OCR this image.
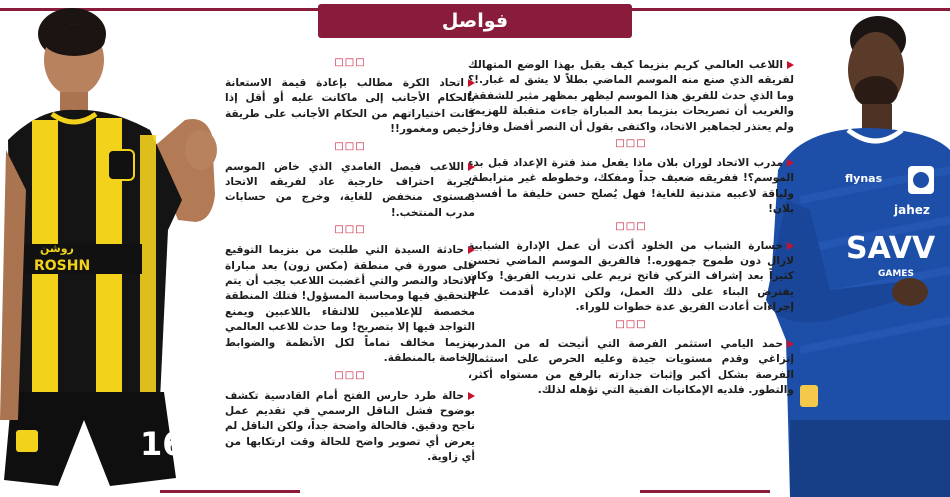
فواصل
روشن
ROSHN
16
flynas
jahez
SAVV
GAMES

اللاعب العالمي كريم بنزيما كيف يقبل بهذا الوضع المتهالك لفريقه الذي صنع منه الموسم الماضي بطلاً لا يشق له غبار.!؟ وما الذي حدث للفريق هذا الموسم ليظهر بمظهر مثير للشفقة! والغريب أن تصريحات بنزيما بعد المباراة جاءت متقبلة للهزيمة ولم يعتذر لجماهير الاتحاد، واكتفى بقول أن النصر أفضل وفاز!

□□□

مدرب الاتحاد لوران بلان ماذا يفعل منذ فترة الإعداد قبل بدء الموسم؟! ففريقه ضعيف جداً ومفكك، وخطوطه غير مترابطة، ولياقة لاعبيه متدنية للغاية! فهل يُصلح حسن خليفة ما أفسده بلان!

□□□

خسارة الشباب من الخلود أكدت أن عمل الإدارة الشبابية لازال دون طموح جمهوره.! فالفريق الموسم الماضي تحسن كثيراً بعد إشراف التركي فاتح تريم على تدريب الفريق! وكان يفترض البناء على ذلك العمل، ولكن الإدارة أقدمت على إجراءات أعادت الفريق عدة خطوات للوراء.

□□□

حمد اليامي استثمر الفرصة التي أتيحت له من المدرب إنزاغي وقدم مستويات جيدة وعليه الحرص على استثمار الفرصة بشكل أكبر وإثبات جدارته بالرفع من مستواه أكثر، والتطور. فلديه الإمكانيات الفنية التي تؤهله لذلك.

□□□

اتحاد الكرة مطالب بإعادة قيمة الاستعانة بالحكام الأجانب إلى ماكانت عليه أو أقل إذا كانت اختياراتهم من الحكام الأجانب على طريقة رخيص ومغمور!!

□□□

اللاعب فيصل الغامدي الذي خاض الموسم تجربة احتراف خارجية عاد لفريقه الاتحاد بمستوى منخفض للغاية، وخرج من حسابات مدرب المنتخب.!

□□□

حادثة السيدة التي طلبت من بنزيما التوقيع على صورة في منطقة (مكس زون) بعد مباراة الاتحاد والنصر والتي أغضبت اللاعب يجب أن يتم التحقيق فيها ومحاسبة المسؤول! فتلك المنطقة مخصصة للإعلاميين للالتقاء باللاعبين ويمنع التواجد فيها إلا بتصريح! وما حدث للاعب العالمي بنزيما مخالف تماماً لكل الأنظمة والضوابط الخاصة بالمنطقة.

□□□

حالة طرد حارس الفتح أمام القادسية تكشف بوضوح فشل الناقل الرسمي في تقديم عمل ناجح ودقيق. فالحالة واضحة جداً، ولكن الناقل لم يعرض أي تصوير واضح للحالة وقت ارتكابها من أي زاوية.
